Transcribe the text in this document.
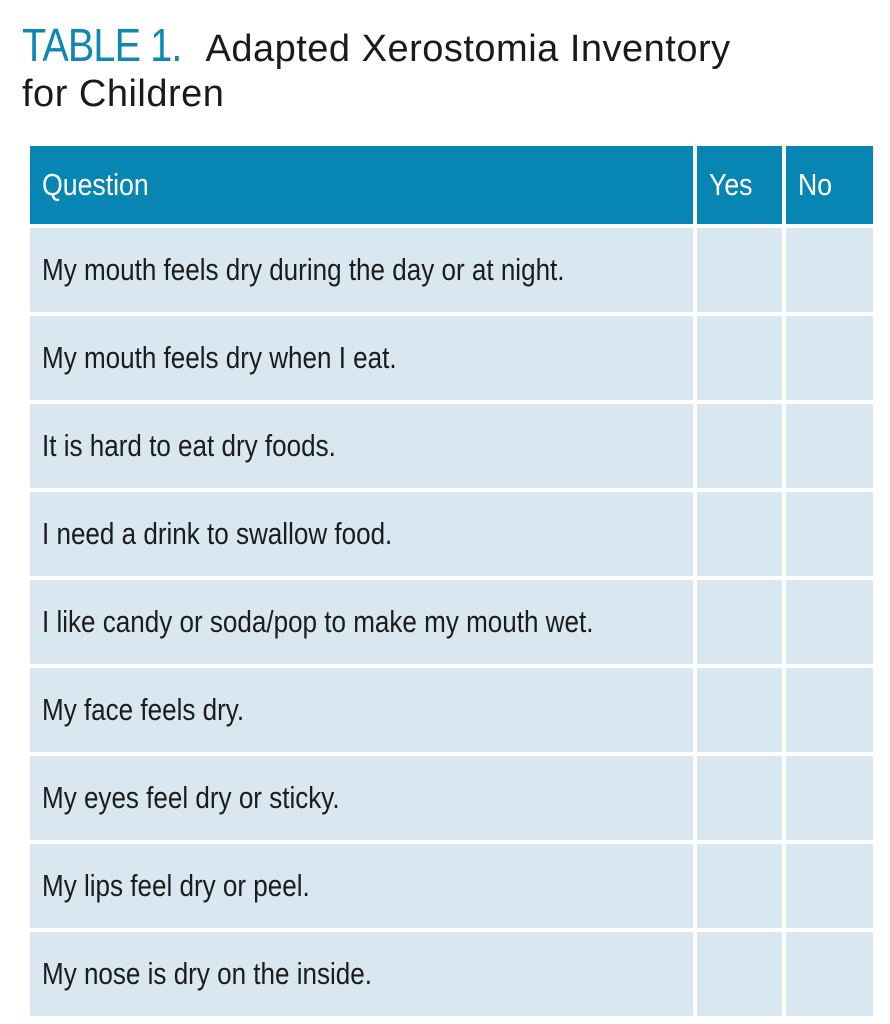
TABLE 1. Adapted Xerostomia Inventory
for Children
Question	Yes No
My mouth feels dry during the day or at night.
My mouth feels dry when I eat.
It is hard to eat dry foods.
I need a drink to swallow food.
I like candy or soda/pop to make my mouth wet.
My face feels dry.
My eyes feel dry or sticky.
My lips feel dry or peel.
My nose is dry on the inside.
